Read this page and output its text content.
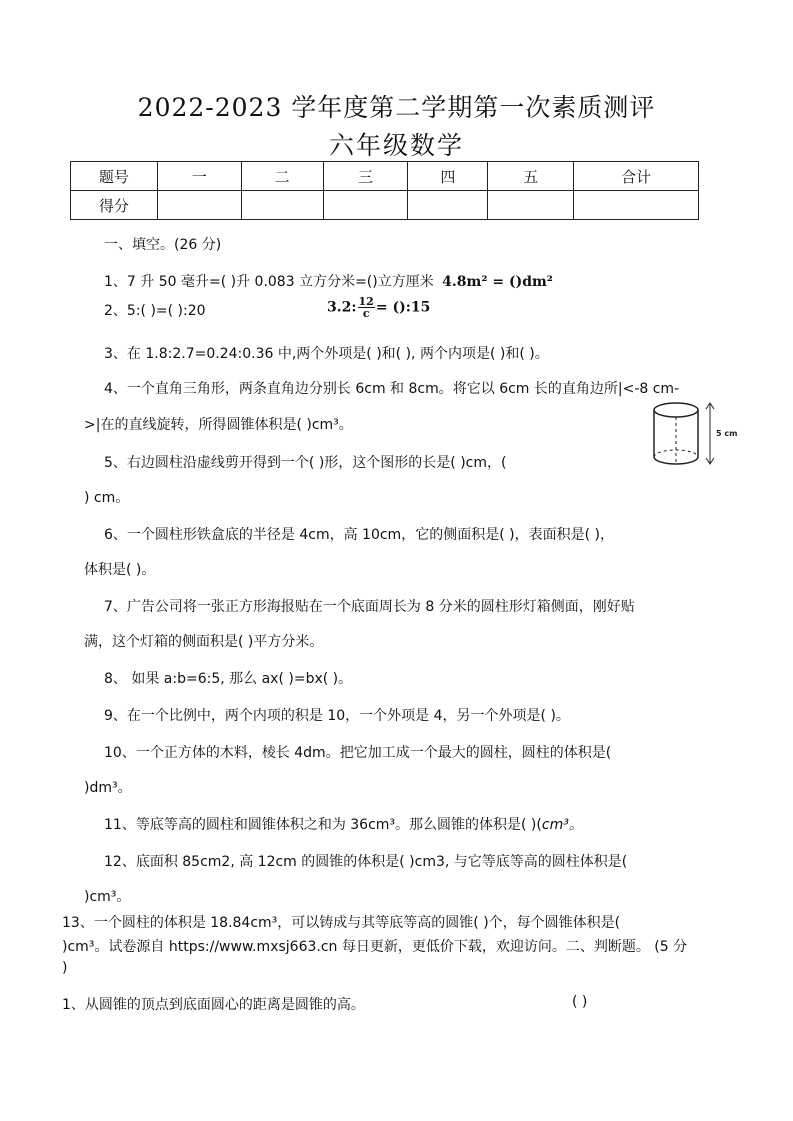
2022-2023 学年度第二学期第一次素质测评
六年级数学
题号	一	二	三	四	五	合计
得分						
一、填空。(26 分)
1、7 升 50 毫升=( )升 0.083 立方分米=()立方厘米 4.8m² = ()dm²
2、5:( )=( ):20	3.2: $\frac{12}{c}$ = ():15
3、在 1.8:2.7=0.24:0.36 中,两个外项是( )和( ), 两个内项是( )和( )。
4、一个直角三角形，两条直角边分别长 6cm 和 8cm。将它以 6cm 长的直角边所|<-8 cm-
>|在的直线旋转，所得圆锥体积是( )cm³。
5 cm
5、右边圆柱沿虚线剪开得到一个( )形，这个图形的长是( )cm，(
) cm。
6、一个圆柱形铁盒底的半径是 4cm，高 10cm，它的侧面积是( )，表面积是( )，
体积是( )。
7、广告公司将一张正方形海报贴在一个底面周长为 8 分米的圆柱形灯箱侧面，刚好贴
满，这个灯箱的侧面积是( )平方分米。
8、 如果 a:b=6:5, 那么 ax( )=bx( )。
9、在一个比例中，两个内项的积是 10，一个外项是 4，另一个外项是( )。
10、一个正方体的木料，棱长 4dm。把它加工成一个最大的圆柱，圆柱的体积是(
)dm³。
11、等底等高的圆柱和圆锥体积之和为 36cm³。那么圆锥的体积是( )(cm³。
12、底面积 85cm2, 高 12cm 的圆锥的体积是( )cm3, 与它等底等高的圆柱体积是(
)cm³。
13、一个圆柱的体积是 18.84cm³，可以铸成与其等底等高的圆锥( )个，每个圆锥体积是(
)cm³。试卷源自 https://www.mxsj663.cn 每日更新，更低价下载，欢迎访问。二、判断题。 (5 分
)
1、从圆锥的顶点到底面圆心的距离是圆锥的高。	( )
